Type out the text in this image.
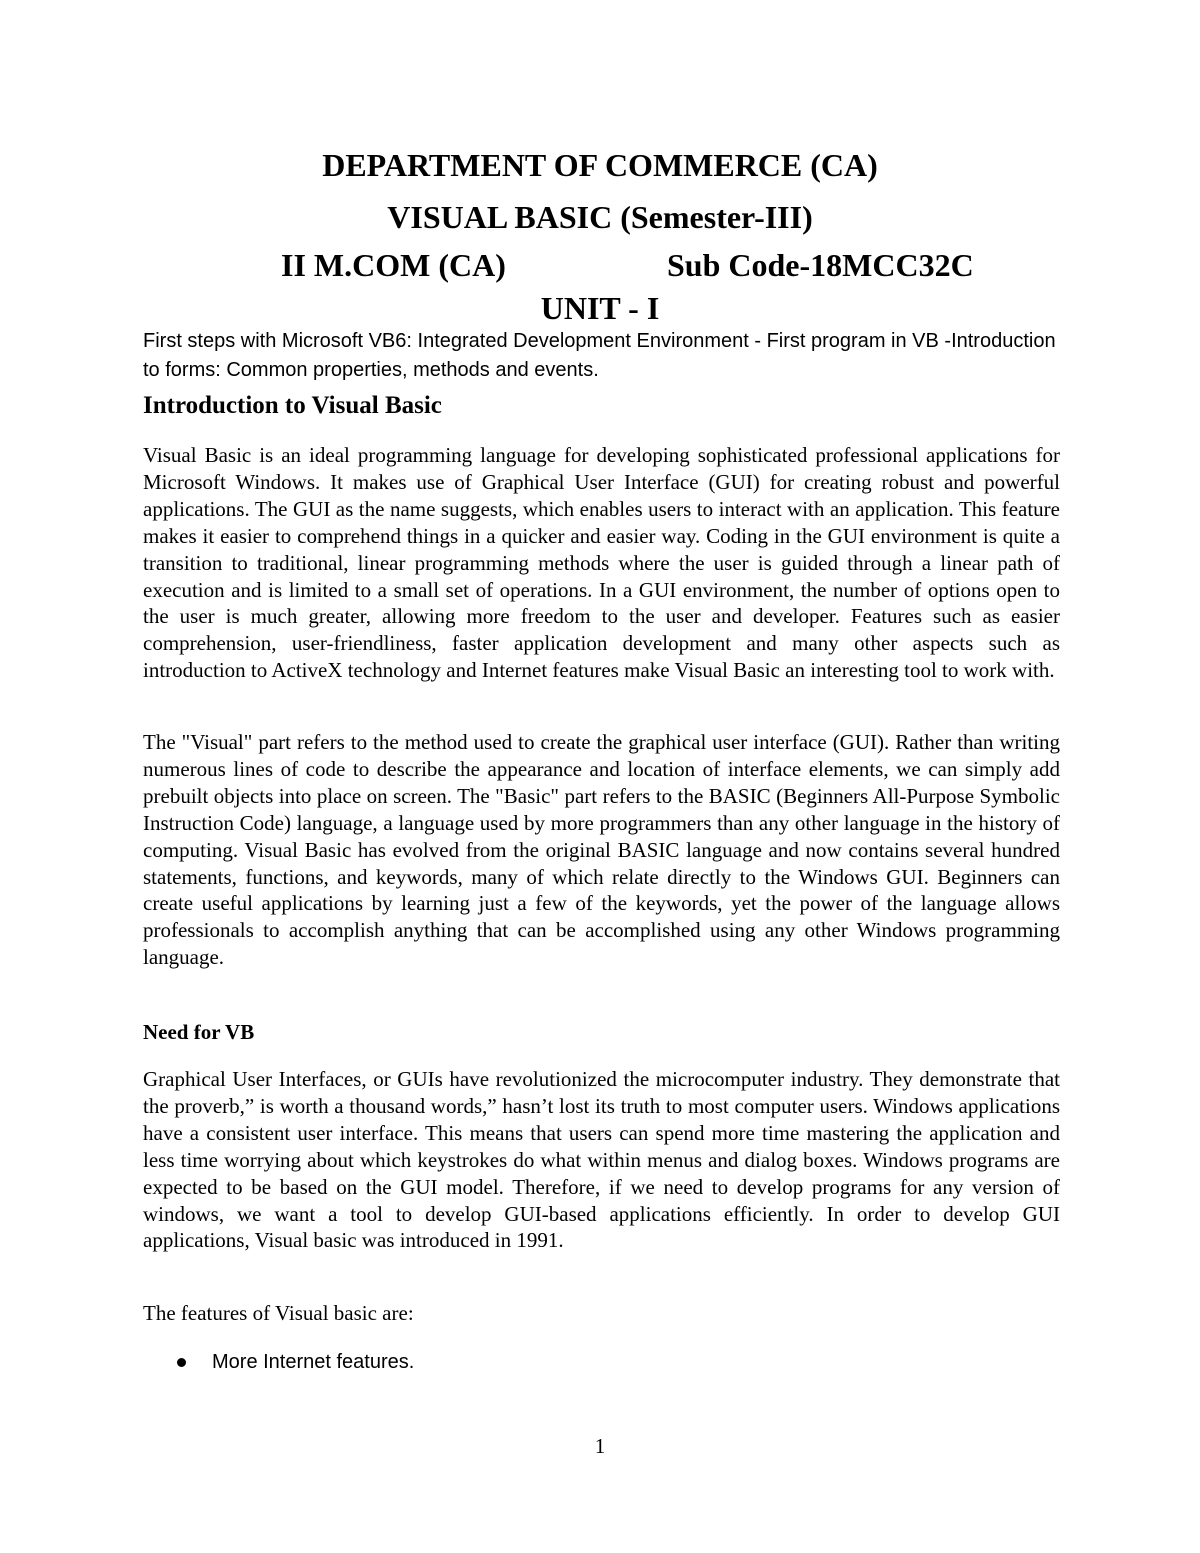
DEPARTMENT OF COMMERCE (CA)
VISUAL BASIC (Semester-III)
II M.COM (CA)	Sub Code-18MCC32C
UNIT - I

First steps with Microsoft VB6: Integrated Development Environment - First program in VB -Introduction to forms: Common properties, methods and events.

Introduction to Visual Basic

Visual Basic is an ideal programming language for developing sophisticated professional applications for Microsoft Windows. It makes use of Graphical User Interface (GUI) for creating robust and powerful applications. The GUI as the name suggests, which enables users to interact with an application. This feature makes it easier to comprehend things in a quicker and easier way. Coding in the GUI environment is quite a transition to traditional, linear programming methods where the user is guided through a linear path of execution and is limited to a small set of operations. In a GUI environment, the number of options open to the user is much greater, allowing more freedom to the user and developer. Features such as easier comprehension, user-friendliness, faster application development and many other aspects such as introduction to ActiveX technology and Internet features make Visual Basic an interesting tool to work with.

The "Visual" part refers to the method used to create the graphical user interface (GUI). Rather than writing numerous lines of code to describe the appearance and location of interface elements, we can simply add prebuilt objects into place on screen. The "Basic" part refers to the BASIC (Beginners All-Purpose Symbolic Instruction Code) language, a language used by more programmers than any other language in the history of computing. Visual Basic has evolved from the original BASIC language and now contains several hundred statements, functions, and keywords, many of which relate directly to the Windows GUI. Beginners can create useful applications by learning just a few of the keywords, yet the power of the language allows professionals to accomplish anything that can be accomplished using any other Windows programming language.

Need for VB

Graphical User Interfaces, or GUIs have revolutionized the microcomputer industry. They demonstrate that the proverb,” is worth a thousand words,” hasn’t lost its truth to most computer users. Windows applications have a consistent user interface. This means that users can spend more time mastering the application and less time worrying about which keystrokes do what within menus and dialog boxes. Windows programs are expected to be based on the GUI model. Therefore, if we need to develop programs for any version of windows, we want a tool to develop GUI-based applications efficiently. In order to develop GUI applications, Visual basic was introduced in 1991.

The features of Visual basic are:

More Internet features.

1
